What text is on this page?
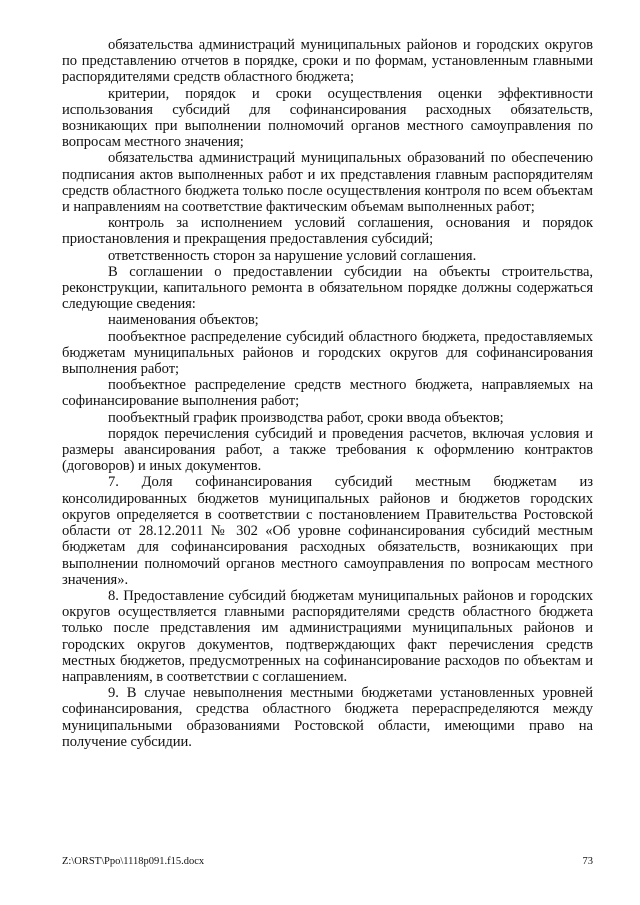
обязательства администраций муниципальных районов и городских округов по представлению отчетов в порядке, сроки и по формам, установленным главными распорядителями средств областного бюджета;

критерии, порядок и сроки осуществления оценки эффективности использования субсидий для софинансирования расходных обязательств, возникающих при выполнении полномочий органов местного самоуправления по вопросам местного значения;

обязательства администраций муниципальных образований по обеспечению подписания актов выполненных работ и их представления главным распорядителям средств областного бюджета только после осуществления контроля по всем объектам и направлениям на соответствие фактическим объемам выполненных работ;

контроль за исполнением условий соглашения, основания и порядок приостановления и прекращения предоставления субсидий;

ответственность сторон за нарушение условий соглашения.

В соглашении о предоставлении субсидии на объекты строительства, реконструкции, капитального ремонта в обязательном порядке должны содержаться следующие сведения:

наименования объектов;

пообъектное распределение субсидий областного бюджета, предоставляемых бюджетам муниципальных районов и городских округов для софинансирования выполнения работ;

пообъектное распределение средств местного бюджета, направляемых на софинансирование выполнения работ;

пообъектный график производства работ, сроки ввода объектов;

порядок перечисления субсидий и проведения расчетов, включая условия и размеры авансирования работ, а также требования к оформлению контрактов (договоров) и иных документов.

7. Доля софинансирования субсидий местным бюджетам из консолидированных бюджетов муниципальных районов и бюджетов городских округов определяется в соответствии с постановлением Правительства Ростовской области от 28.12.2011 № 302 «Об уровне софинансирования субсидий местным бюджетам для софинансирования расходных обязательств, возникающих при выполнении полномочий органов местного самоуправления по вопросам местного значения».

8. Предоставление субсидий бюджетам муниципальных районов и городских округов осуществляется главными распорядителями средств областного бюджета только после представления им администрациями муниципальных районов и городских округов документов, подтверждающих факт перечисления средств местных бюджетов, предусмотренных на софинансирование расходов по объектам и направлениям, в соответствии с соглашением.

9. В случае невыполнения местными бюджетами установленных уровней софинансирования, средства областного бюджета перераспределяются между муниципальными образованиями Ростовской области, имеющими право на получение субсидии.

Z:\ORST\Ppo\1118p091.f15.docx	73
